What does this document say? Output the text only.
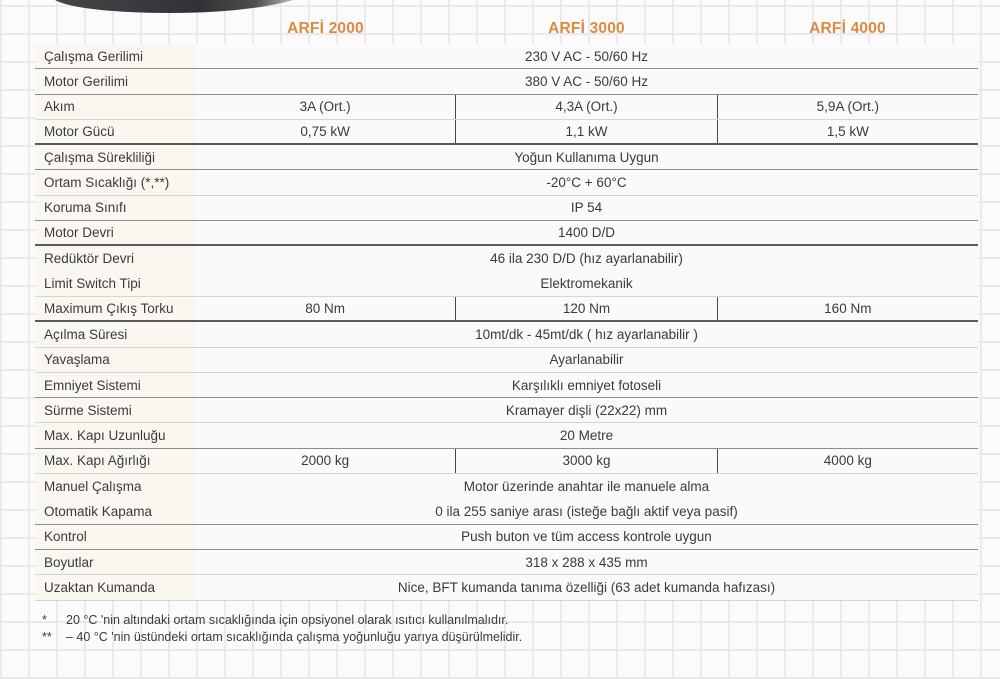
ARFİ 2000	ARFİ 3000	ARFİ 4000
Çalışma Gerilimi	230 V AC - 50/60 Hz
Motor Gerilimi	380 V AC - 50/60 Hz
Akım	3A (Ort.)	4,3A (Ort.)	5,9A (Ort.)
Motor Gücü	0,75 kW	1,1 kW	1,5 kW
Çalışma Sürekliliği	Yoğun Kullanıma Uygun
Ortam Sıcaklığı (*,**)	-20°C + 60°C
Koruma Sınıfı	IP 54
Motor Devri	1400 D/D
Redüktör Devri	46 ila 230 D/D (hız ayarlanabilir)
Limit Switch Tipi	Elektromekanik
Maximum Çıkış Torku	80 Nm	120 Nm	160 Nm
Açılma Süresi	10mt/dk - 45mt/dk ( hız ayarlanabilir )
Yavaşlama	Ayarlanabilir
Emniyet Sistemi	Karşılıklı emniyet fotoseli
Sürme Sistemi	Kramayer dişli (22x22) mm
Max. Kapı Uzunluğu	20 Metre
Max. Kapı Ağırlığı	2000 kg	3000 kg	4000 kg
Manuel Çalışma	Motor üzerinde anahtar ile manuele alma
Otomatik Kapama	0 ila 255 saniye arası (isteğe bağlı aktif veya pasif)
Kontrol	Push buton ve tüm access kontrole uygun
Boyutlar	318 x 288 x 435 mm
Uzaktan Kumanda	Nice, BFT kumanda tanıma özelliği (63 adet kumanda hafızası)
*	20 °C 'nin altındaki ortam sıcaklığında için opsiyonel olarak ısıtıcı kullanılmalıdır.
**	– 40 °C 'nin üstündeki ortam sıcaklığında çalışma yoğunluğu yarıya düşürülmelidir.
